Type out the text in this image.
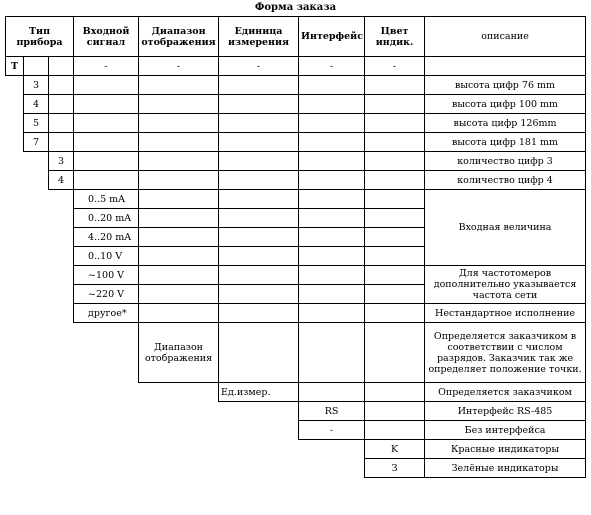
Форма заказа
Тип прибора			Входной сигнал	Диапазон отображения	Единица измерения	Интерфейс	Цвет индик.	описание
T			-	-	-	-	-	
	3							высота цифр 76 mm
	4							высота цифр 100 mm
	5							высота цифр 126mm
	7							высота цифр 181 mm
		3						количество цифр 3
		4						количество цифр 4
			0..5 mA					Входная величина
			0..20 mA					
			4..20 mA					
			0..10 V					
			~100 V					Для частотомеров дополнительно указывается частота сети
			~220 V					
			другое*					Нестандартное исполнение
				Диапазон отображения				Определяется заказчиком в соответствии с числом разрядов. Заказчик так же определяет положение точки.
					Ед.измер.			Определяется заказчиком
						RS		Интерфейс RS-485
						-		Без интерфейса
							K	Красные индикаторы
							З	Зелёные индикаторы
